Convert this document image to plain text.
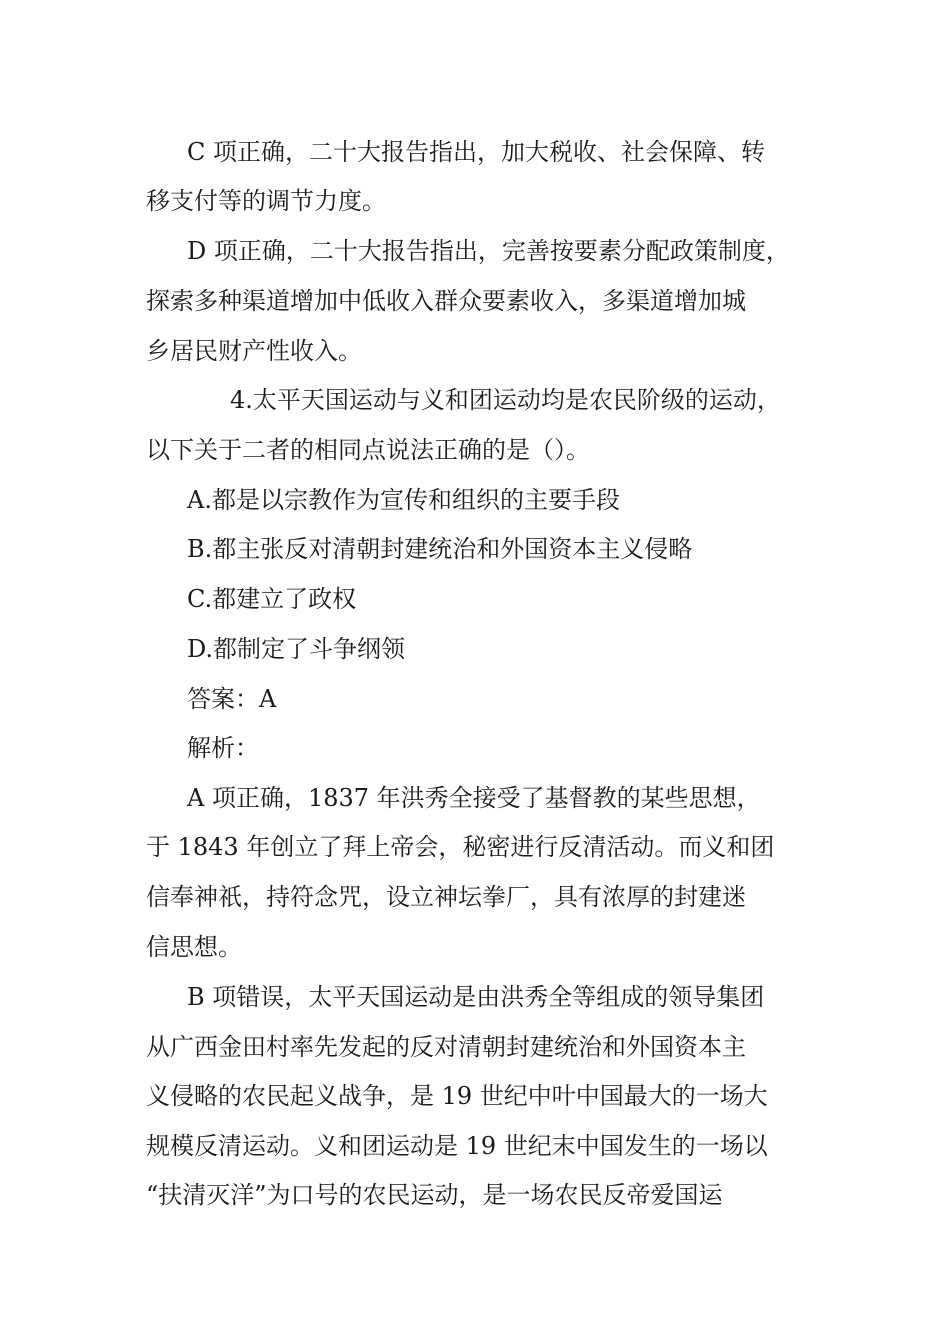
C 项正确，二十大报告指出，加大税收、社会保障、转
移支付等的调节力度。
D 项正确，二十大报告指出，完善按要素分配政策制度，
探索多种渠道增加中低收入群众要素收入，多渠道增加城
乡居民财产性收入。
4.太平天国运动与义和团运动均是农民阶级的运动，
以下关于二者的相同点说法正确的是（）。
A.都是以宗教作为宣传和组织的主要手段
B.都主张反对清朝封建统治和外国资本主义侵略
C.都建立了政权
D.都制定了斗争纲领
答案：A
解析：
A 项正确，1837 年洪秀全接受了基督教的某些思想，
于 1843 年创立了拜上帝会，秘密进行反清活动。而义和团
信奉神祇，持符念咒，设立神坛拳厂，具有浓厚的封建迷
信思想。
B 项错误，太平天国运动是由洪秀全等组成的领导集团
从广西金田村率先发起的反对清朝封建统治和外国资本主
义侵略的农民起义战争，是 19 世纪中叶中国最大的一场大
规模反清运动。义和团运动是 19 世纪末中国发生的一场以
“扶清灭洋”为口号的农民运动，是一场农民反帝爱国运
